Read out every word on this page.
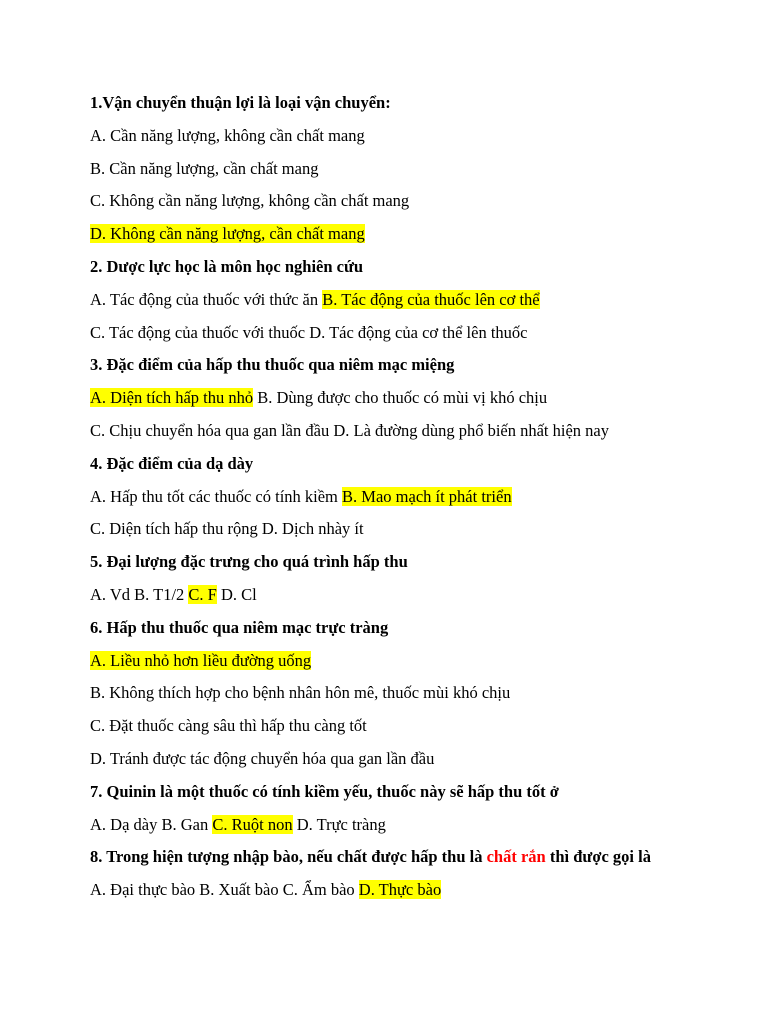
1.Vận chuyển thuận lợi là loại vận chuyển:
A. Cần năng lượng, không cần chất mang
B. Cần năng lượng, cần chất mang
C. Không cần năng lượng, không cần chất mang
D. Không cần năng lượng, cần chất mang
2. Dược lực học là môn học nghiên cứu
A. Tác động của thuốc với thức ăn B. Tác động của thuốc lên cơ thể
C. Tác động của thuốc với thuốc D. Tác động của cơ thể lên thuốc
3. Đặc điểm của hấp thu thuốc qua niêm mạc miệng
A. Diện tích hấp thu nhỏ B. Dùng được cho thuốc có mùi vị khó chịu
C. Chịu chuyển hóa qua gan lần đầu D. Là đường dùng phổ biến nhất hiện nay
4. Đặc điểm của dạ dày
A. Hấp thu tốt các thuốc có tính kiềm B. Mao mạch ít phát triển
C. Diện tích hấp thu rộng D. Dịch nhày ít
5. Đại lượng đặc trưng cho quá trình hấp thu
A. Vd B. T1/2 C. F D. Cl
6. Hấp thu thuốc qua niêm mạc trực tràng
A. Liều nhỏ hơn liều đường uống
B. Không thích hợp cho bệnh nhân hôn mê, thuốc mùi khó chịu
C. Đặt thuốc càng sâu thì hấp thu càng tốt
D. Tránh được tác động chuyển hóa qua gan lần đầu
7. Quinin là một thuốc có tính kiềm yếu, thuốc này sẽ hấp thu tốt ở
A. Dạ dày B. Gan C. Ruột non D. Trực tràng
8. Trong hiện tượng nhập bào, nếu chất được hấp thu là chất rắn thì được gọi là
A. Đại thực bào B. Xuất bào C. Ẩm bào D. Thực bào
